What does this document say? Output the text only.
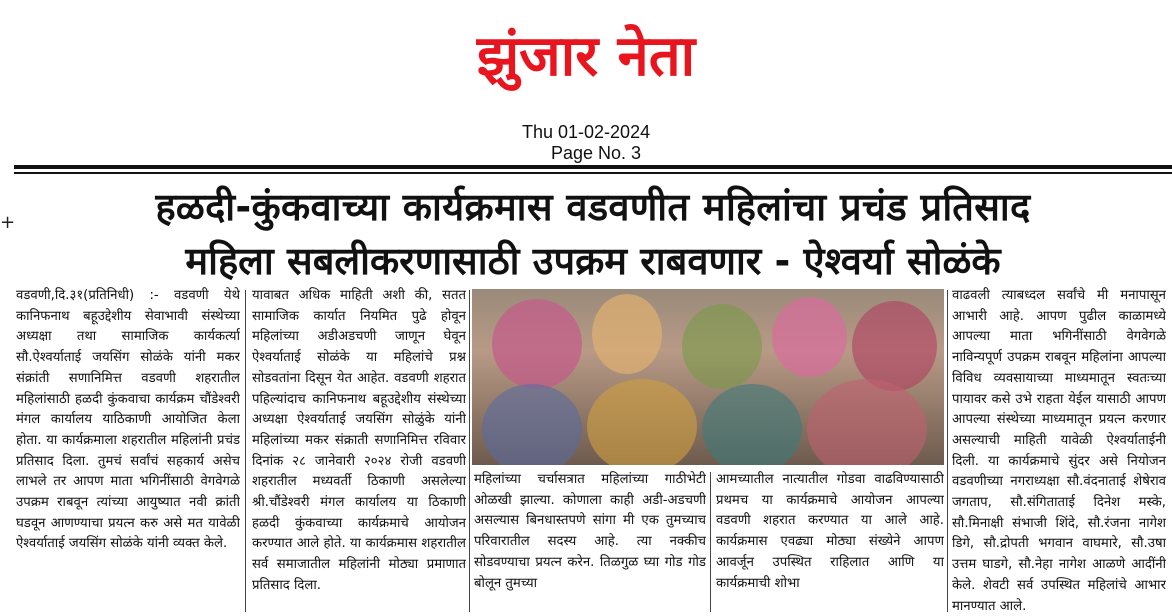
झुंजार नेता
Thu 01-02-2024
Page No. 3
+	हळदी-कुंकवाच्या कार्यक्रमास वडवणीत महिलांचा प्रचंड प्रतिसाद
महिला सबलीकरणासाठी उपक्रम राबवणार - ऐश्वर्या सोळंके
वडवणी,दि.३१(प्रतिनिधी) :- वडवणी येथे कानिफनाथ बहूउद्देशीय सेवाभावी संस्थेच्या अध्यक्षा तथा सामाजिक कार्यकर्त्या सौ.ऐश्वर्याताई जयसिंग सोळंके यांनी मकर संक्रांती सणानिमित्त वडवणी शहरातील महिलांसाठी हळदी कुंकवाचा कार्यक्रम चौंडेश्वरी मंगल कार्यालय याठिकाणी आयोजित केला होता. या कार्यक्रमाला शहरातील महिलांनी प्रचंड प्रतिसाद दिला. तुमचं सर्वांचं सहकार्य असेच लाभले तर आपण माता भगिनींसाठी वेगवेगळे उपक्रम राबवून त्यांच्या आयुष्यात नवी क्रांती घडवून आणण्याचा प्रयत्न करु असे मत यावेळी ऐश्वर्याताई जयसिंग सोळंके यांनी व्यक्त केले.
यावाबत अधिक माहिती अशी की, सतत सामाजिक कार्यात नियमित पुढे होवून महिलांच्या अडीअडचणी जाणून घेवून ऐश्वर्याताई सोळंके या महिलांचे प्रश्न सोडवतांना दिसून येत आहेत. वडवणी शहरात पहिल्यांदाच कानिफनाथ बहूउद्देशीय संस्थेच्या अध्यक्षा ऐश्वर्याताई जयसिंग सोळुंके यांनी महिलांच्या मकर संक्राती सणानिमित्त रविवार दिनांक २८ जानेवारी २०२४ रोजी वडवणी शहरातील मध्यवर्ती ठिकाणी असलेल्या श्री.चौंडेश्वरी मंगल कार्यालय या ठिकाणी हळदी कुंकवाच्या कार्यक्रमाचे आयोजन करण्यात आले होते. या कार्यक्रमास शहरातील सर्व समाजातील महिलांनी मोठ्या प्रमाणात प्रतिसाद दिला.
महिलांच्या चर्चासत्रात महिलांच्या गाठीभेटी ओळखी झाल्या. कोणाला काही अडी-अडचणी असल्यास बिनधास्तपणे सांगा मी एक तुमच्याच परिवारातील सदस्य आहे. त्या नक्कीच सोडवण्याचा प्रयत्न करेन. तिळगुळ घ्या गोड गोड बोलून तुमच्या
आमच्यातील नात्यातील गोडवा वाढविण्यासाठी प्रथमच या कार्यक्रमाचे आयोजन आपल्या वडवणी शहरात करण्यात या आले आहे. कार्यक्रमास एवढ्या मोठ्या संख्येने आपण आवर्जून उपस्थित राहिलात आणि या कार्यक्रमाची शोभा
वाढवली त्याबध्दल सर्वांचे मी मनापासून आभारी आहे. आपण पुढील काळामध्ये आपल्या माता भगिनींसाठी वेगवेगळे नाविन्यपूर्ण उपक्रम राबवून महिलांना आपल्या विविध व्यवसायाच्या माध्यमातून स्वतःच्या पायावर कसे उभे राहता येईल यासाठी आपण आपल्या संस्थेच्या माध्यमातून प्रयत्न करणार असल्याची माहिती यावेळी ऐश्वर्याताईनी दिली. या कार्यक्रमाचे सुंदर असे नियोजन वडवणीच्या नगराध्यक्षा सौ.वंदनाताई शेषेराव जगताप, सौ.संगिताताई दिनेश मस्के, सौ.मिनाक्षी संभाजी शिंदे, सौ.रंजना नागेश डिगे, सौ.द्रोपती भगवान वाघमारे, सौ.उषा उत्तम घाडगे, सौ.नेहा नागेश आळणे आदींनी केले. शेवटी सर्व उपस्थित महिलांचे आभार मानण्यात आले.
